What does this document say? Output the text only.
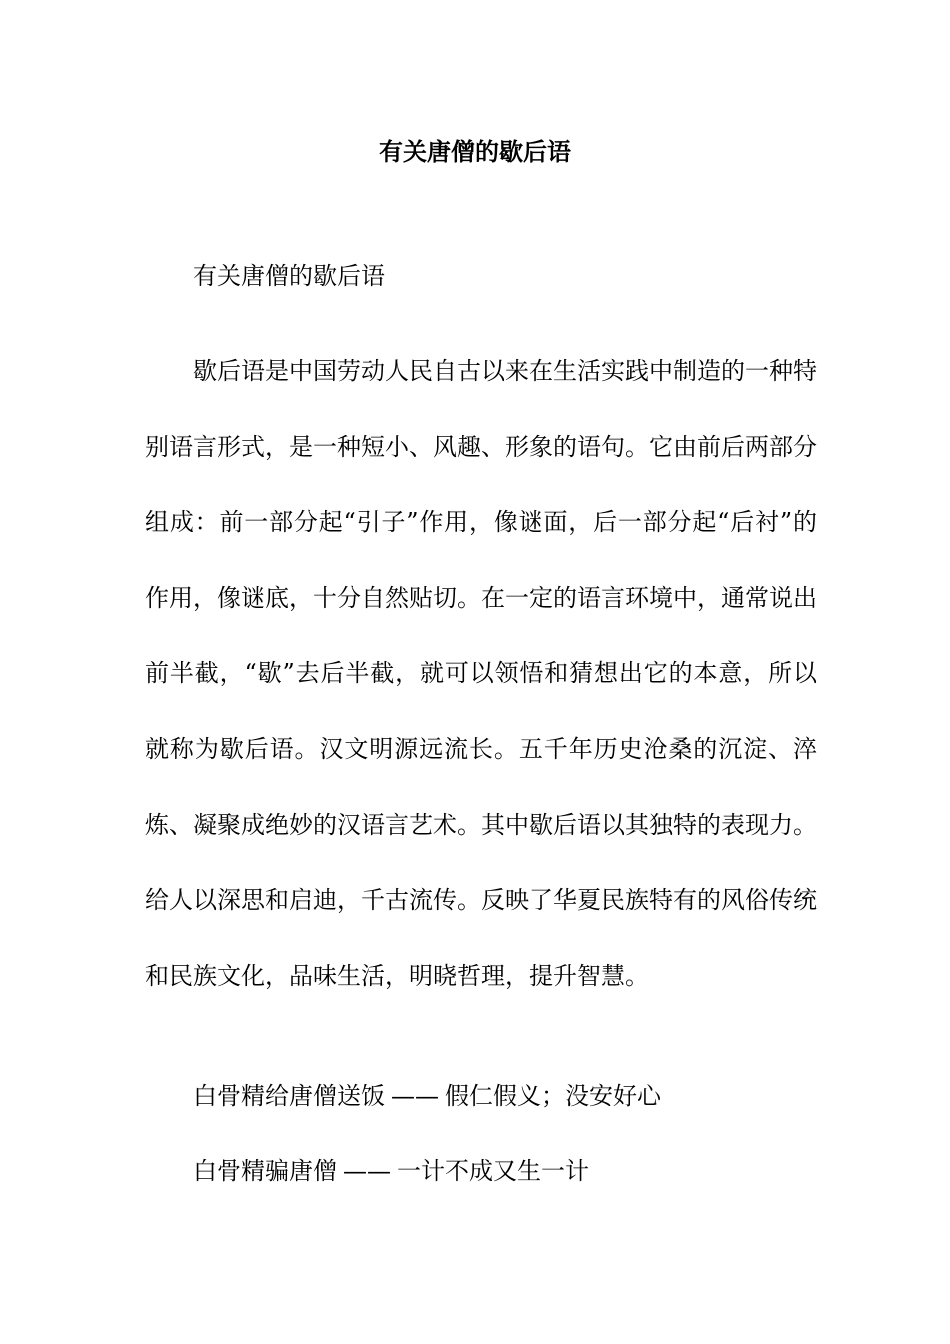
有关唐僧的歇后语

有关唐僧的歇后语

歇后语是中国劳动人民自古以来在生活实践中制造的一种特别语言形式，是一种短小、风趣、形象的语句。它由前后两部分组成：前一部分起“引子”作用，像谜面，后一部分起“后衬”的作用，像谜底，十分自然贴切。在一定的语言环境中，通常说出前半截，“歇”去后半截，就可以领悟和猜想出它的本意，所以就称为歇后语。汉文明源远流长。五千年历史沧桑的沉淀、淬炼、凝聚成绝妙的汉语言艺术。其中歇后语以其独特的表现力。给人以深思和启迪，千古流传。反映了华夏民族特有的风俗传统和民族文化，品味生活，明晓哲理，提升智慧。

白骨精给唐僧送饭 —— 假仁假义；没安好心

白骨精骗唐僧 —— 一计不成又生一计
